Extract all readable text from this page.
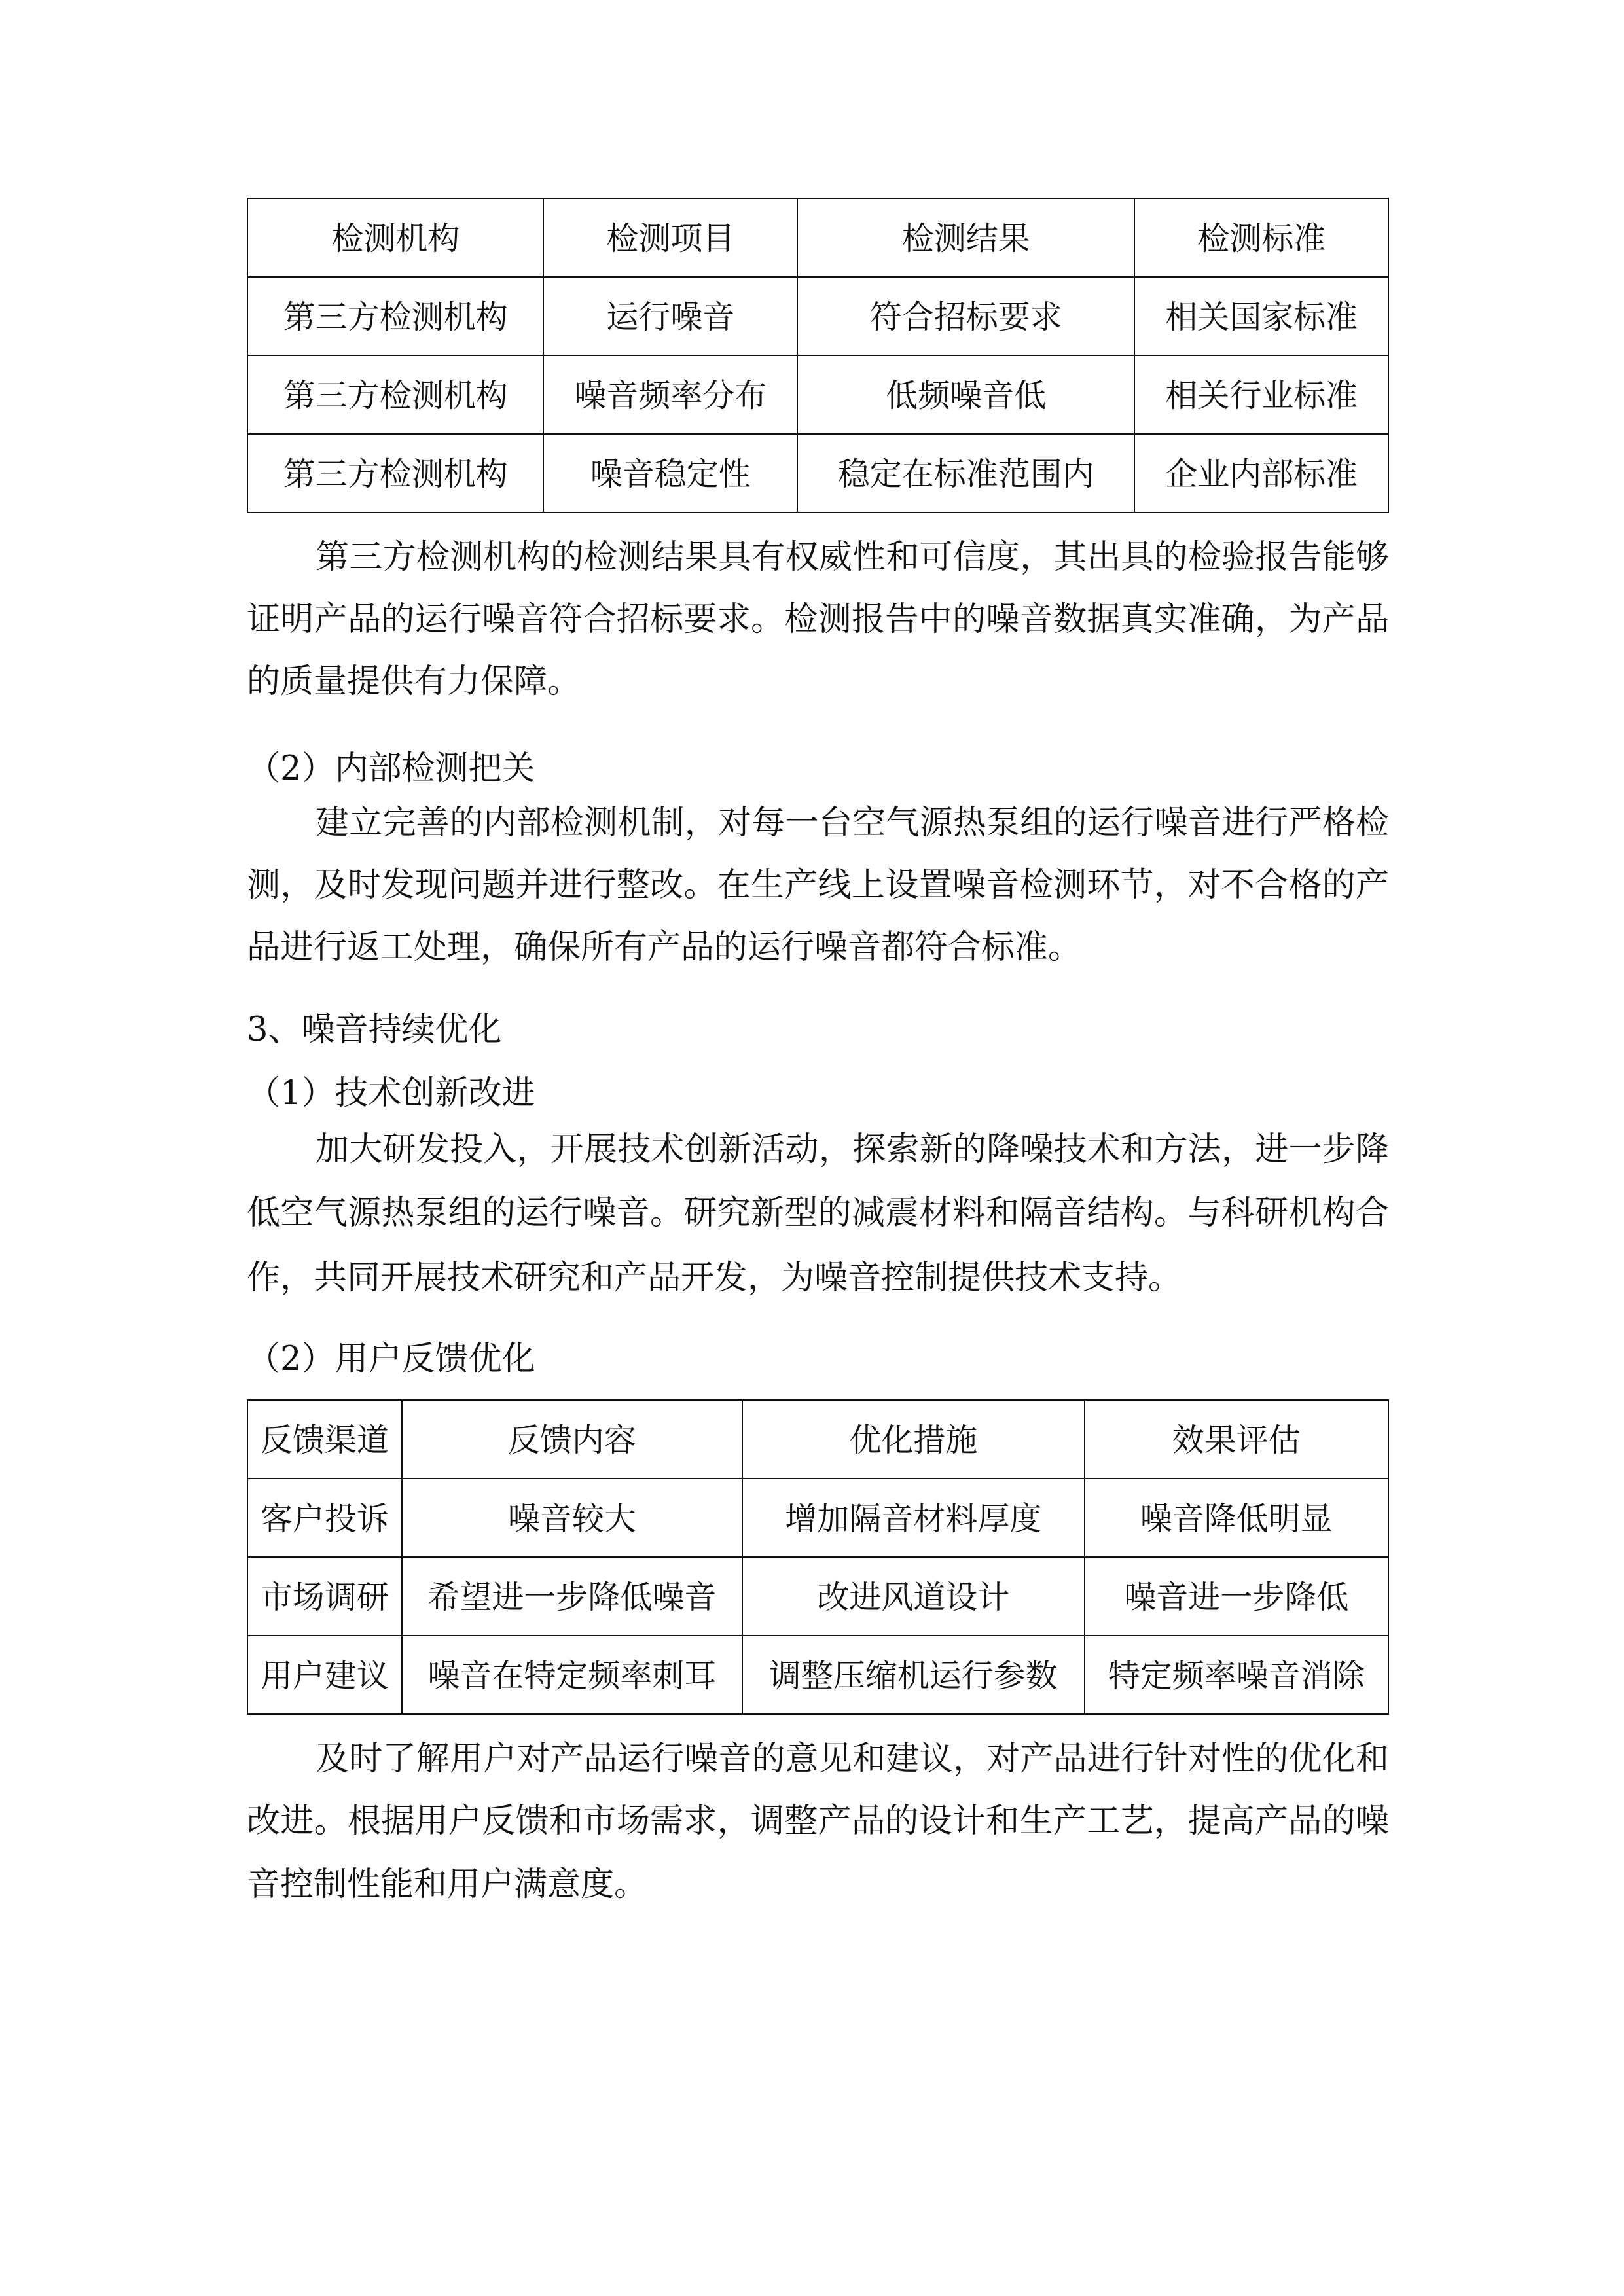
检测机构	检测项目	检测结果	检测标准
第三方检测机构	运行噪音	符合招标要求	相关国家标准
第三方检测机构	噪音频率分布	低频噪音低	相关行业标准
第三方检测机构	噪音稳定性	稳定在标准范围内	企业内部标准
第三方检测机构的检测结果具有权威性和可信度，其出具的检验报告能够
证明产品的运行噪音符合招标要求。检测报告中的噪音数据真实准确，为产品
的质量提供有力保障。
（2）内部检测把关
建立完善的内部检测机制，对每一台空气源热泵组的运行噪音进行严格检
测，及时发现问题并进行整改。在生产线上设置噪音检测环节，对不合格的产
品进行返工处理，确保所有产品的运行噪音都符合标准。
3、噪音持续优化
（1）技术创新改进
加大研发投入，开展技术创新活动，探索新的降噪技术和方法，进一步降
低空气源热泵组的运行噪音。研究新型的减震材料和隔音结构。与科研机构合
作，共同开展技术研究和产品开发，为噪音控制提供技术支持。
（2）用户反馈优化
反馈渠道	反馈内容	优化措施	效果评估
客户投诉	噪音较大	增加隔音材料厚度	噪音降低明显
市场调研	希望进一步降低噪音	改进风道设计	噪音进一步降低
用户建议	噪音在特定频率刺耳	调整压缩机运行参数	特定频率噪音消除
及时了解用户对产品运行噪音的意见和建议，对产品进行针对性的优化和
改进。根据用户反馈和市场需求，调整产品的设计和生产工艺，提高产品的噪
音控制性能和用户满意度。
